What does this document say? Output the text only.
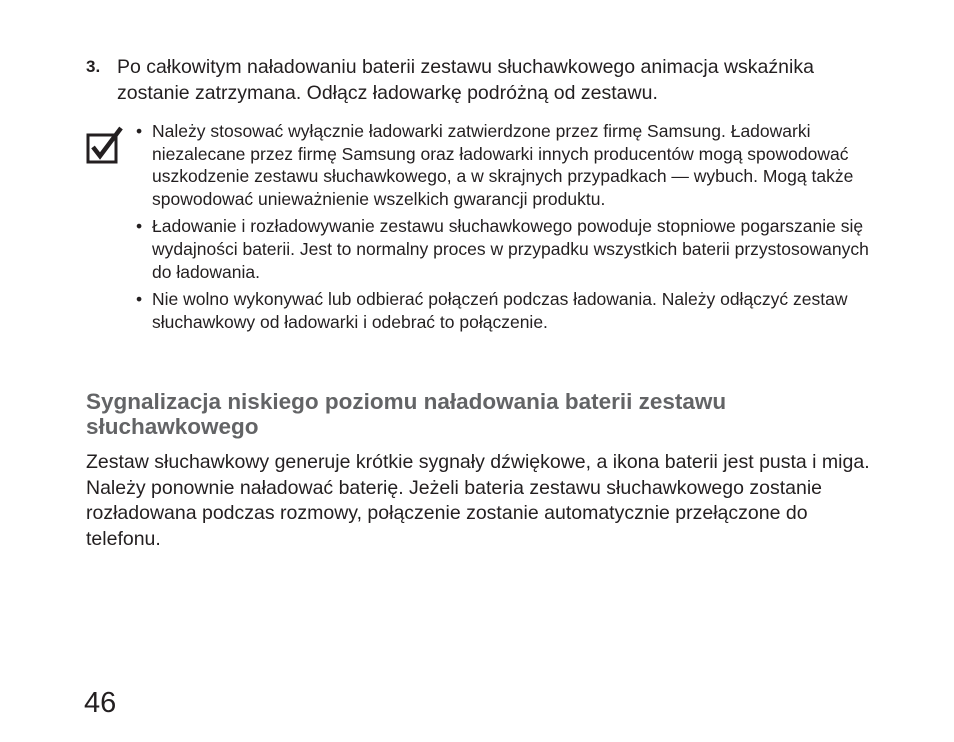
3. Po całkowitym naładowaniu baterii zestawu słuchawkowego animacja wskaźnika zostanie zatrzymana. Odłącz ładowarkę podróżną od zestawu.
• Należy stosować wyłącznie ładowarki zatwierdzone przez firmę Samsung. Ładowarki niezalecane przez firmę Samsung oraz ładowarki innych producentów mogą spowodować uszkodzenie zestawu słuchawkowego, a w skrajnych przypadkach — wybuch. Mogą także spowodować unieważnienie wszelkich gwarancji produktu.
• Ładowanie i rozładowywanie zestawu słuchawkowego powoduje stopniowe pogarszanie się wydajności baterii. Jest to normalny proces w przypadku wszystkich baterii przystosowanych do ładowania.
• Nie wolno wykonywać lub odbierać połączeń podczas ładowania. Należy odłączyć zestaw słuchawkowy od ładowarki i odebrać to połączenie.
Sygnalizacja niskiego poziomu naładowania baterii zestawu słuchawkowego

Zestaw słuchawkowy generuje krótkie sygnały dźwiękowe, a ikona baterii jest pusta i miga. Należy ponownie naładować baterię. Jeżeli bateria zestawu słuchawkowego zostanie rozładowana podczas rozmowy, połączenie zostanie automatycznie przełączone do telefonu.

46
